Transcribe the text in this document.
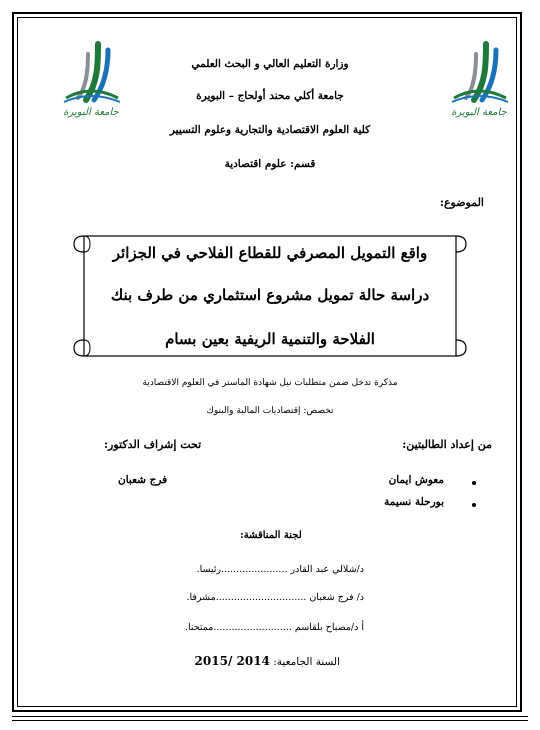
جامعة البويرة	جامعة البويرة
وزارة التعليم العالي و البحث العلمي
جامعة أكلي محند أولحاج – البويرة
كلية العلوم الاقتصادية والتجارية وعلوم التسيير
قسم: علوم اقتصادية
الموضوع:
واقع التمويل المصرفي للقطاع الفلاحي في الجزائر
دراسة حالة تمويل مشروع استثماري من طرف بنك
الفلاحة والتنمية الريفية بعين بسام
مذكرة تدخل ضمن متطلبات نيل شهادة الماستر في العلوم الاقتصادية
تخصص: إقتصاديات المالية والبنوك
من إعداد الطالبتين:
تحت إشراف الدكتور:
معوش ايمان
بورحلة نسيمة
فرج شعبان
لجنة المناقشة:
د/شلالي عبد القادر ......................رئيسا.
د/ فرج شعبان ..............................مشرفا.
أ د/مصباح بلقاسم ..........................ممتحنا.
السنة الجامعية: 2014 /2015
